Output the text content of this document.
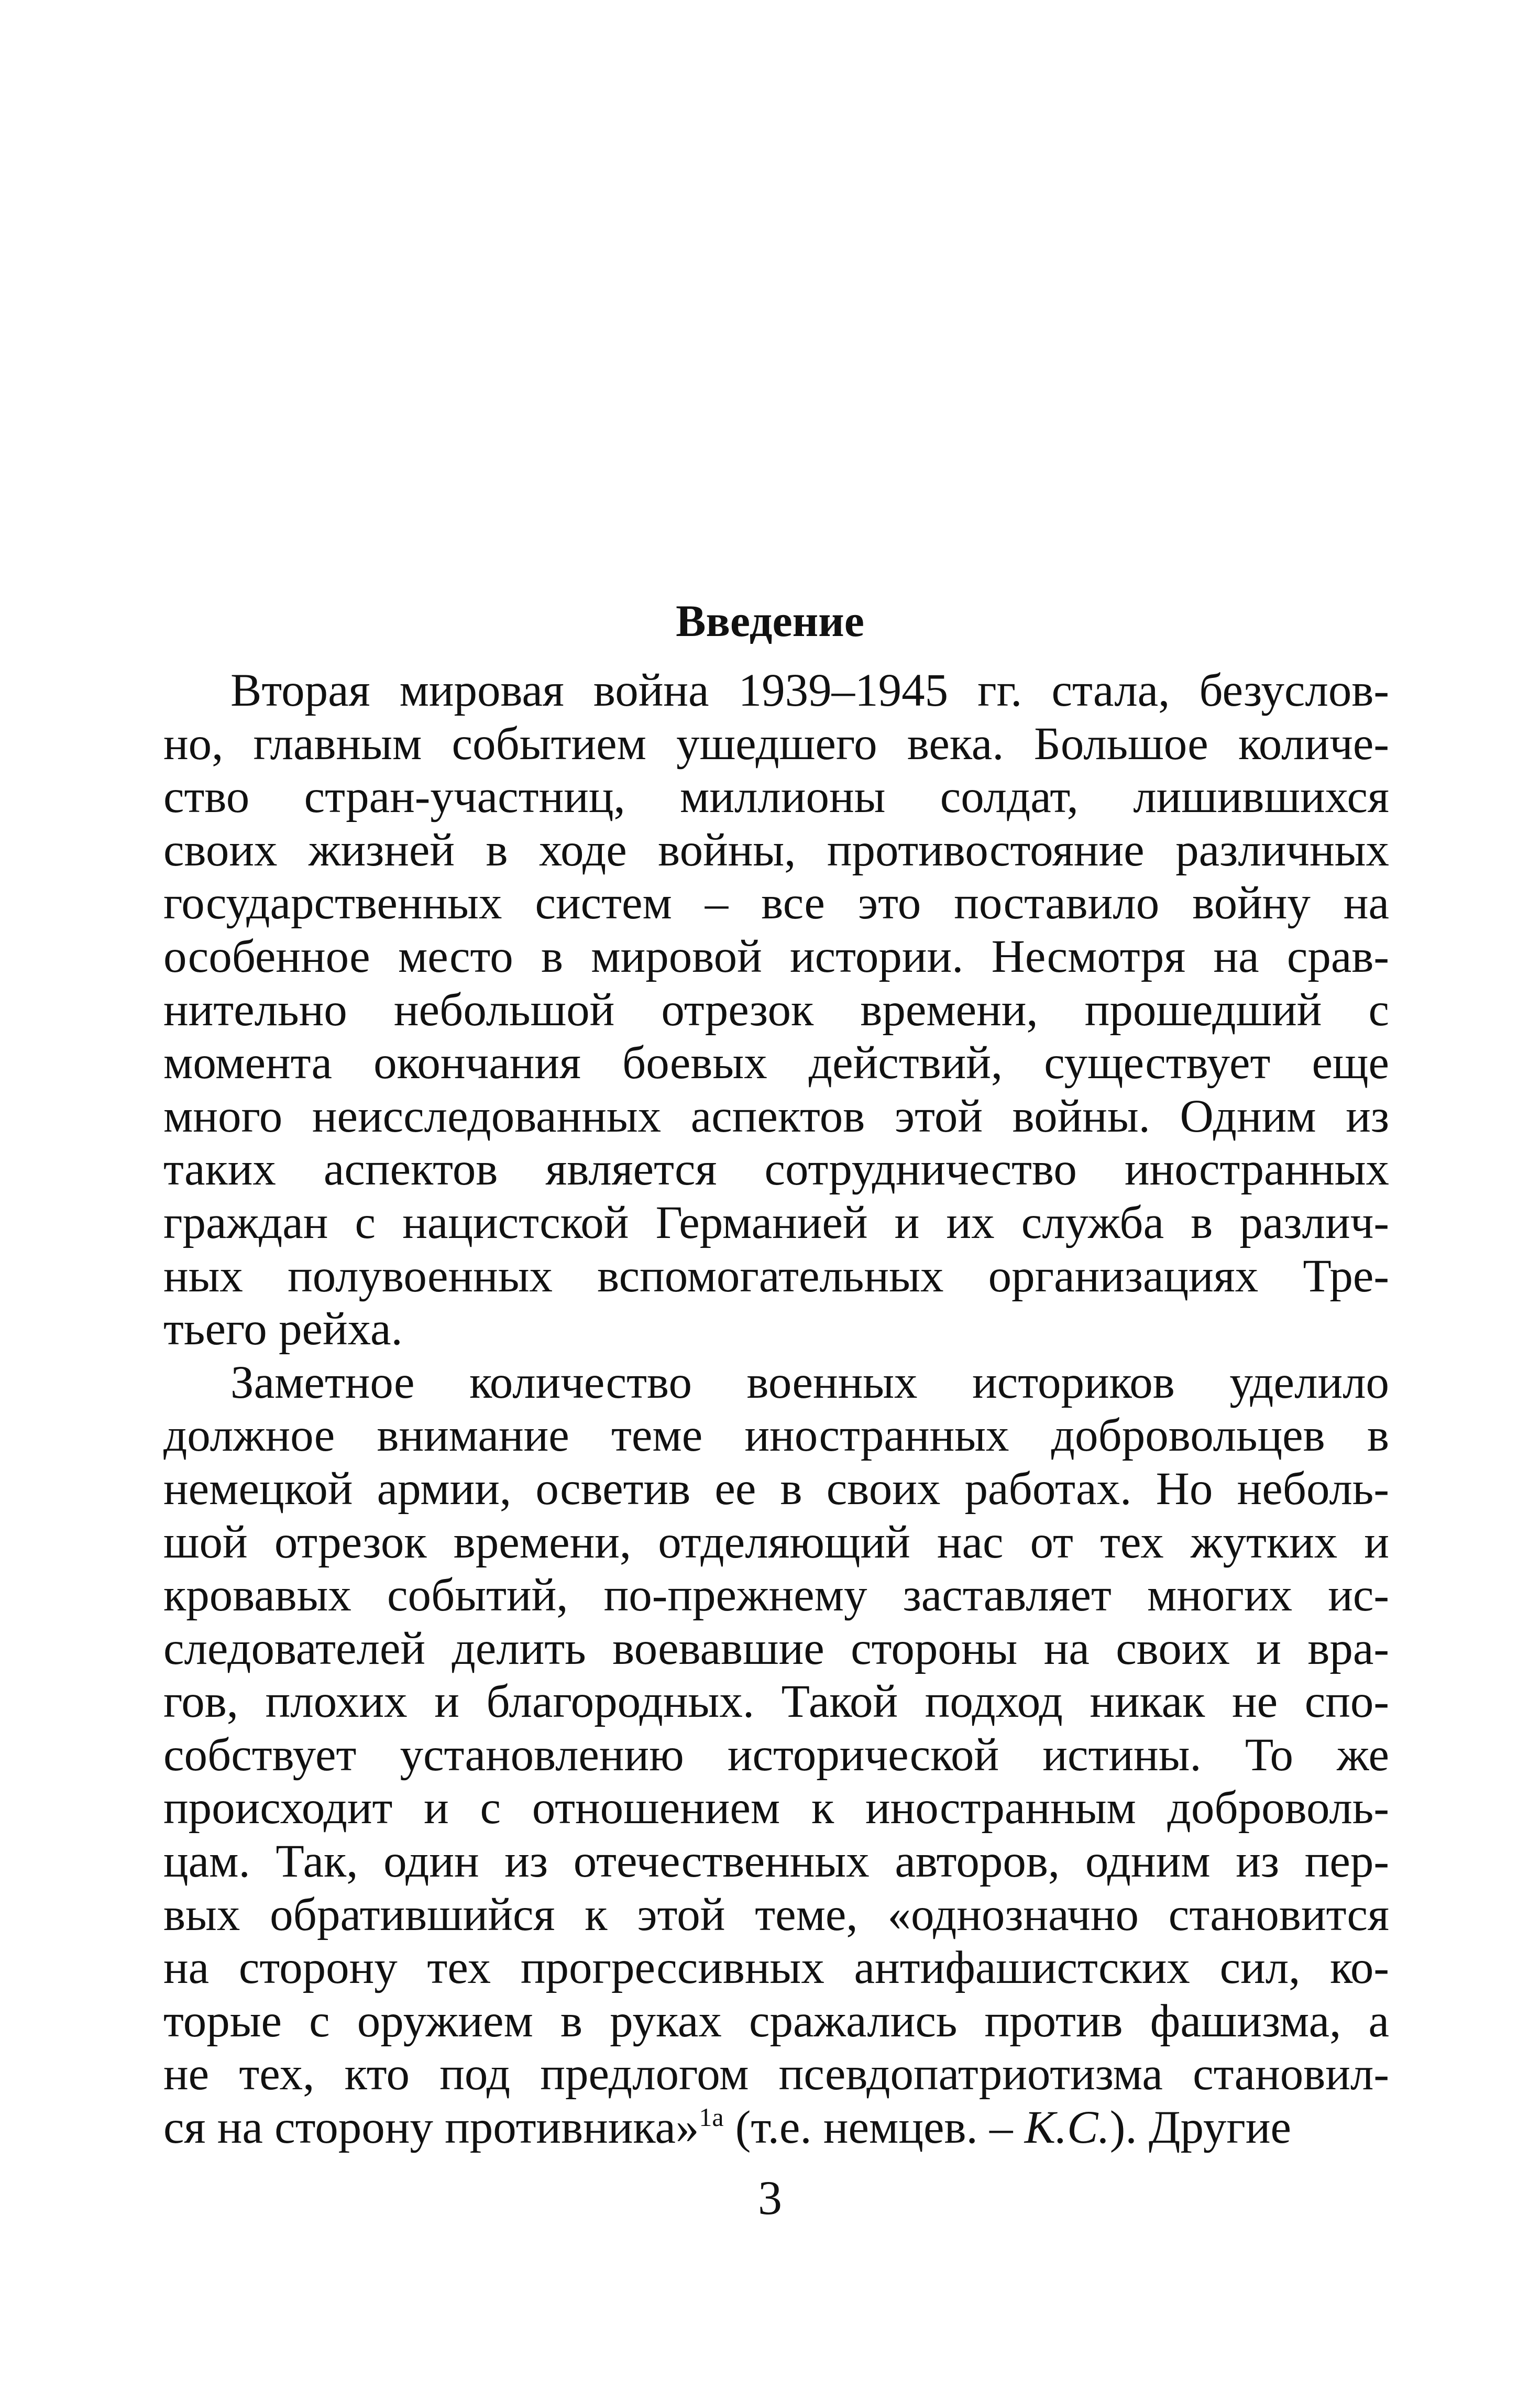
Введение
Вторая мировая война 1939–1945 гг. стала, безуслов-
но, главным событием ушедшего века. Большое количе-
ство стран-участниц, миллионы солдат, лишившихся
своих жизней в ходе войны, противостояние различных
государственных систем – все это поставило войну на
особенное место в мировой истории. Несмотря на срав-
нительно небольшой отрезок времени, прошедший с
момента окончания боевых действий, существует еще
много неисследованных аспектов этой войны. Одним из
таких аспектов является сотрудничество иностранных
граждан с нацистской Германией и их служба в различ-
ных полувоенных вспомогательных организациях Тре-
тьего рейха.
Заметное количество военных историков уделило
должное внимание теме иностранных добровольцев в
немецкой армии, осветив ее в своих работах. Но неболь-
шой отрезок времени, отделяющий нас от тех жутких и
кровавых событий, по-прежнему заставляет многих ис-
следователей делить воевавшие стороны на своих и вра-
гов, плохих и благородных. Такой подход никак не спо-
собствует установлению исторической истины. То же
происходит и с отношением к иностранным доброволь-
цам. Так, один из отечественных авторов, одним из пер-
вых обратившийся к этой теме, «однозначно становится
на сторону тех прогрессивных антифашистских сил, ко-
торые с оружием в руках сражались против фашизма, а
не тех, кто под предлогом псевдопатриотизма становил-
ся на сторону противника»$^{1а}$ (т.е. немцев. – К.С.). Другие
3
